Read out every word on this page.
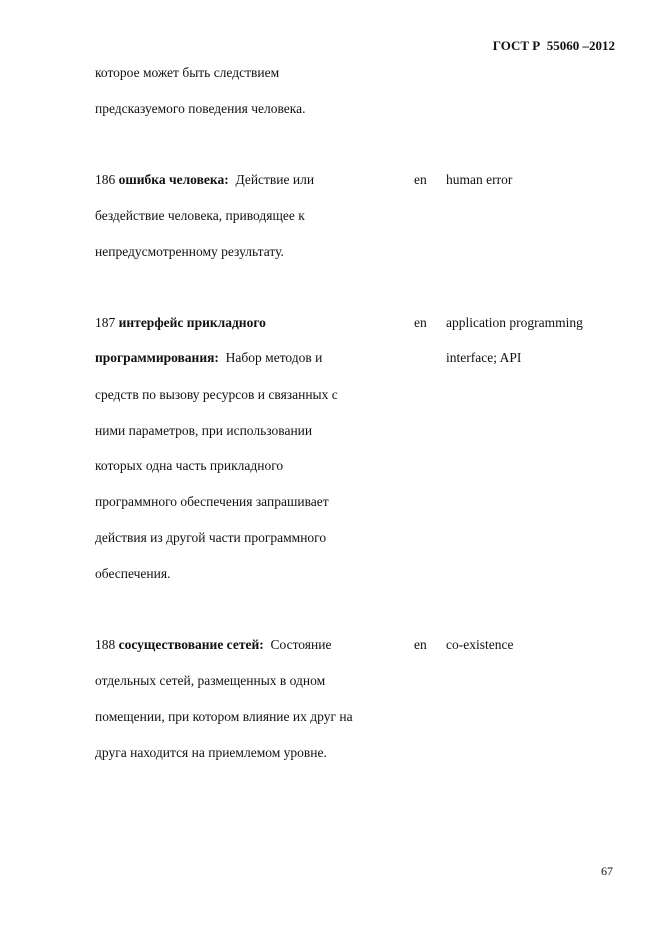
ГОСТ Р  55060 –2012
которое может быть следствием
предсказуемого поведения человека.
186 ошибка человека: Действие или	en human error
бездействие человека, приводящее к
непредусмотренному результату.
187 интерфейс прикладного	en application programming
программирования: Набор методов и	interface; API
средств по вызову ресурсов и связанных с
ними параметров, при использовании
которых одна часть прикладного
программного обеспечения запрашивает
действия из другой части программного
обеспечения.
188 сосуществование сетей: Состояние	en co-existence
отдельных сетей, размещенных в одном
помещении, при котором влияние их друг на
друга находится на приемлемом уровне.
67
